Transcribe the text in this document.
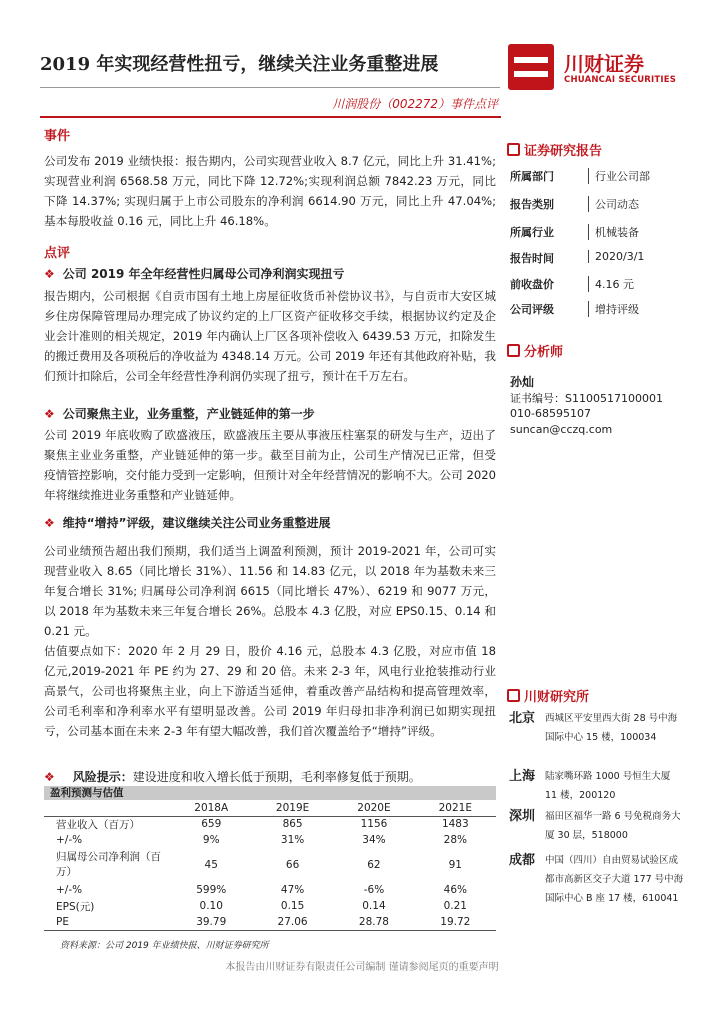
2019 年实现经营性扭亏，继续关注业务重整进展	川财证券
CHUANCAI SECURITIES
川润股份（002272）事件点评
事件
公司发布 2019 业绩快报：报告期内，公司实现营业收入 8.7 亿元，同比上升 31.41%;实现营业利润 6568.58 万元，同比下降 12.72%;实现利润总额 7842.23 万元，同比下降 14.37%; 实现归属于上市公司股东的净利润 6614.90 万元，同比上升 47.04%; 基本每股收益 0.16 元，同比上升 46.18%。
点评
❖ 公司 2019 年全年经营性归属母公司净利润实现扭亏
报告期内，公司根据《自贡市国有土地上房屋征收货币补偿协议书》，与自贡市大安区城乡住房保障管理局办理完成了协议约定的上厂区资产征收移交手续，根据协议约定及企业会计准则的相关规定，2019 年内确认上厂区各项补偿收入 6439.53 万元，扣除发生的搬迁费用及各项税后的净收益为 4348.14 万元。公司 2019 年还有其他政府补贴，我们预计扣除后，公司全年经营性净利润仍实现了扭亏，预计在千万左右。
❖ 公司聚焦主业，业务重整，产业链延伸的第一步
公司 2019 年底收购了欧盛液压，欧盛液压主要从事液压柱塞泵的研发与生产，迈出了聚焦主业业务重整，产业链延伸的第一步。截至目前为止，公司生产情况已正常，但受疫情管控影响，交付能力受到一定影响，但预计对全年经营情况的影响不大。公司 2020 年将继续推进业务重整和产业链延伸。
❖ 维持“增持”评级，建议继续关注公司业务重整进展
公司业绩预告超出我们预期，我们适当上调盈利预测，预计 2019-2021 年，公司可实现营业收入 8.65（同比增长 31%）、11.56 和 14.83 亿元，以 2018 年为基数未来三年复合增长 31%; 归属母公司净利润 6615（同比增长 47%）、6219 和 9077 万元，以 2018 年为基数未来三年复合增长 26%。总股本 4.3 亿股，对应 EPS0.15、0.14 和 0.21 元。
估值要点如下：2020 年 2 月 29 日，股价 4.16 元，总股本 4.3 亿股，对应市值 18 亿元,2019-2021 年 PE 约为 27、29 和 20 倍。未来 2-3 年，风电行业抢装推动行业高景气，公司也将聚焦主业，向上下游适当延伸，着重改善产品结构和提高管理效率，公司毛利率和净利率水平有望明显改善。公司 2019 年归母扣非净利润已如期实现扭亏，公司基本面在未来 2-3 年有望大幅改善，我们首次覆盖给予“增持”评级。
❖ 风险提示：建设进度和收入增长低于预期，毛利率修复低于预期。
盈利预测与估值
	2018A	2019E	2020E	2021E
营业收入（百万）	659	865	1156	1483
+/-%	9%	31%	34%	28%
归属母公司净利润（百万）	45	66	62	91
+/-%	599%	47%	-6%	46%
EPS(元)	0.10	0.15	0.14	0.21
PE	39.79	27.06	28.78	19.72
资料来源：公司 2019 年业绩快报、川财证券研究所
证券研究报告
所属部门	行业公司部
报告类别	公司动态
所属行业	机械装备
报告时间	2020/3/1
前收盘价	4.16 元
公司评级	增持评级
分析师
孙灿
证书编号：S1100517100001
010-68595107
suncan@cczq.com
川财研究所
北京 西城区平安里西大街 28 号中海国际中心 15 楼，100034
上海 陆家嘴环路 1000 号恒生大厦 11 楼，200120
深圳 福田区福华一路 6 号免税商务大厦 30 层，518000
成都 中国（四川）自由贸易试验区成都市高新区交子大道 177 号中海国际中心 B 座 17 楼，610041
本报告由川财证券有限责任公司编制 谨请参阅尾页的重要声明
